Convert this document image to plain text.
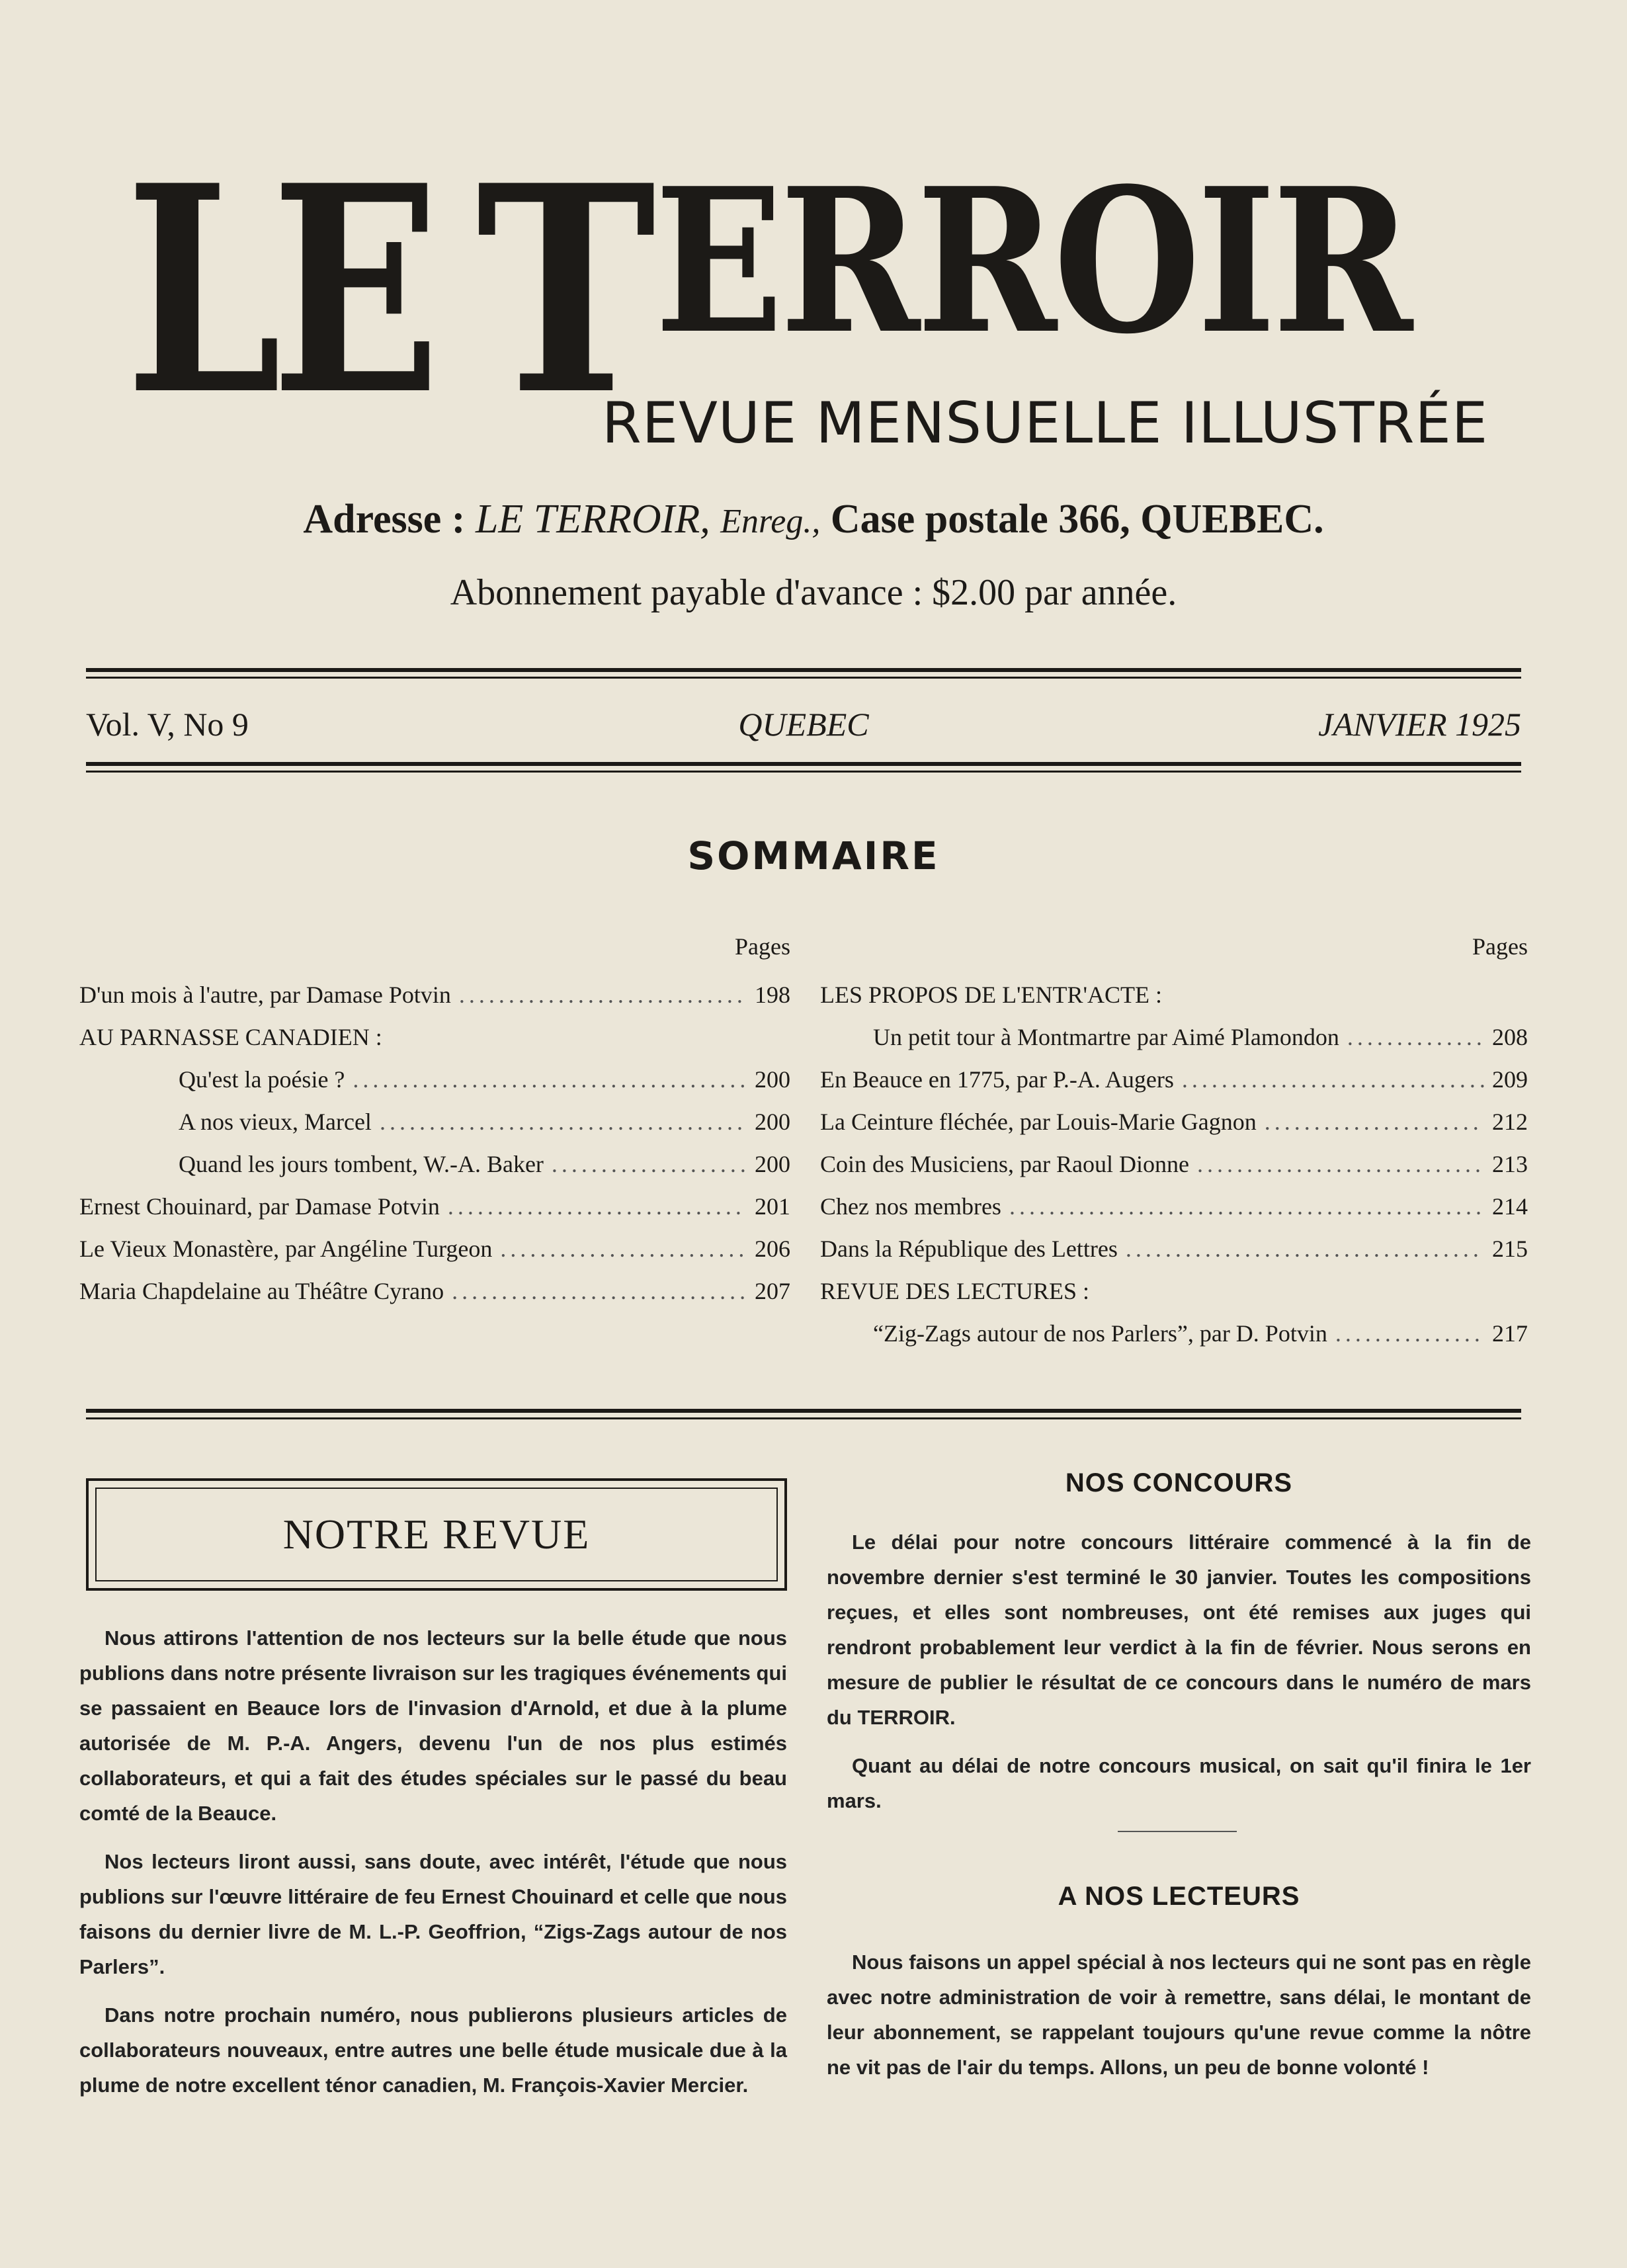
LE T
ERROIR
REVUE MENSUELLE ILLUSTRÉE
Adresse : LE TERROIR, Enreg., Case postale 366, QUEBEC.
Abonnement payable d'avance : $2.00 par année.
Vol. V, No 9	QUEBEC	JANVIER 1925
SOMMAIRE
Pages
D'un mois à l'autre, par Damase Potvin .....	198
AU PARNASSE CANADIEN :
Qu'est la poésie ? .....	200
A nos vieux, Marcel .....	200
Quand les jours tombent, W.-A. Baker .....	200
Ernest Chouinard, par Damase Potvin .....	201
Le Vieux Monastère, par Angéline Turgeon .....	206
Maria Chapdelaine au Théâtre Cyrano .....	207
Pages
LES PROPOS DE L'ENTR'ACTE :
Un petit tour à Montmartre par Aimé Plamondon .....	208
En Beauce en 1775, par P.-A. Augers .....	209
La Ceinture fléchée, par Louis-Marie Gagnon .....	212
Coin des Musiciens, par Raoul Dionne .....	213
Chez nos membres .....	214
Dans la République des Lettres .....	215
REVUE DES LECTURES :
“Zig-Zags autour de nos Parlers”, par D. Potvin .....	217
NOTRE REVUE

Nous attirons l'attention de nos lecteurs sur la belle étude que nous publions dans notre présente livraison sur les tragiques événements qui se passaient en Beauce lors de l'invasion d'Arnold, et due à la plume autorisée de M. P.-A. Angers, devenu l'un de nos plus estimés collaborateurs, et qui a fait des études spéciales sur le passé du beau comté de la Beauce.

Nos lecteurs liront aussi, sans doute, avec intérêt, l'étude que nous publions sur l'œuvre littéraire de feu Ernest Chouinard et celle que nous faisons du dernier livre de M. L.-P. Geoffrion, “Zigs-Zags autour de nos Parlers”.

Dans notre prochain numéro, nous publierons plusieurs articles de collaborateurs nouveaux, entre autres une belle étude musicale due à la plume de notre excellent ténor canadien, M. François-Xavier Mercier.

NOS CONCOURS

Le délai pour notre concours littéraire commencé à la fin de novembre dernier s'est terminé le 30 janvier. Toutes les compositions reçues, et elles sont nombreuses, ont été remises aux juges qui rendront probablement leur verdict à la fin de février. Nous serons en mesure de publier le résultat de ce concours dans le numéro de mars du TERROIR.

Quant au délai de notre concours musical, on sait qu'il finira le 1er mars.

A NOS LECTEURS

Nous faisons un appel spécial à nos lecteurs qui ne sont pas en règle avec notre administration de voir à remettre, sans délai, le montant de leur abonnement, se rappelant toujours qu'une revue comme la nôtre ne vit pas de l'air du temps. Allons, un peu de bonne volonté !
